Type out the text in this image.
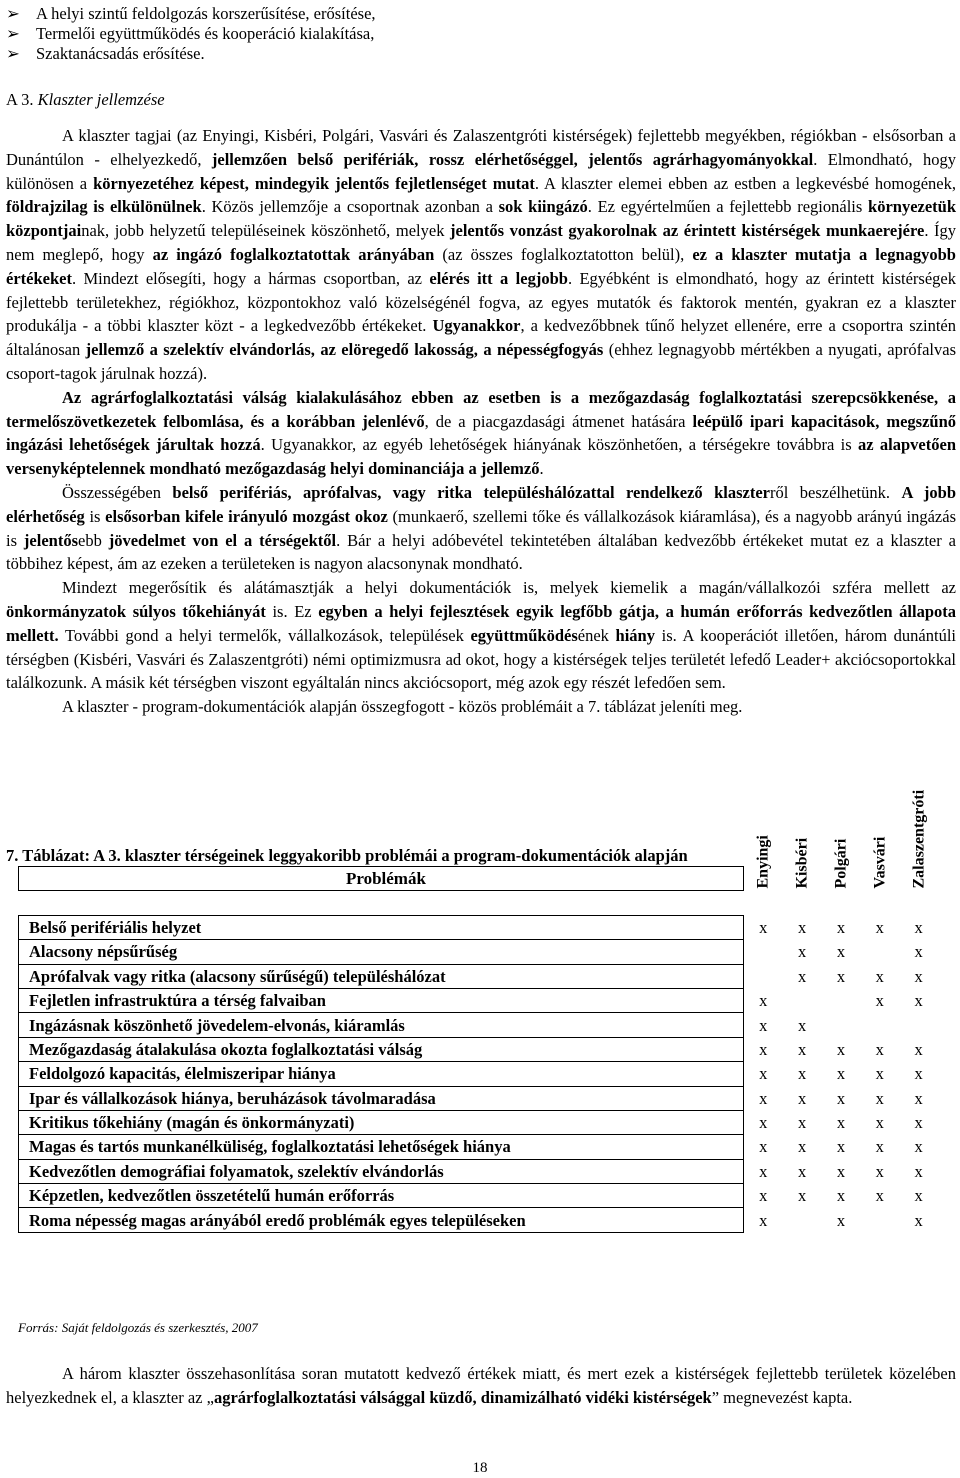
➢ A helyi szintű feldolgozás korszerűsítése, erősítése,
➢ Termelői együttműködés és kooperáció kialakítása,
➢ Szaktanácsadás erősítése.
A 3. Klaszter jellemzése

A klaszter tagjai (az Enyingi, Kisbéri, Polgári, Vasvári és Zalaszentgróti kistérségek) fejlettebb megyékben, régiókban - elsősorban a Dunántúlon - elhelyezkedő, jellemzően belső perifériák, rossz elérhetőséggel, jelentős agrárhagyományokkal. Elmondható, hogy különösen a környezetéhez képest, mindegyik jelentős fejletlenséget mutat. A klaszter elemei ebben az estben a legkevésbé homogének, földrajzilag is elkülönülnek. Közös jellemzője a csoportnak azonban a sok kiingázó. Ez egyértelműen a fejlettebb regionális környezetük központjainak, jobb helyzetű településeinek köszönhető, melyek jelentős vonzást gyakorolnak az érintett kistérségek munkaerejére. Így nem meglepő, hogy az ingázó foglalkoztatottak arányában (az összes foglalkoztatotton belül), ez a klaszter mutatja a legnagyobb értékeket. Mindezt elősegíti, hogy a hármas csoportban, az elérés itt a legjobb. Egyébként is elmondható, hogy az érintett kistérségek fejlettebb területekhez, régiókhoz, központokhoz való közelségénél fogva, az egyes mutatók és faktorok mentén, gyakran ez a klaszter produkálja - a többi klaszter közt - a legkedvezőbb értékeket. Ugyanakkor, a kedvezőbbnek tűnő helyzet ellenére, erre a csoportra szintén általánosan jellemző a szelektív elvándorlás, az elöregedő lakosság, a népességfogyás (ehhez legnagyobb mértékben a nyugati, aprófalvas csoport-tagok járulnak hozzá).

Az agrárfoglalkoztatási válság kialakulásához ebben az esetben is a mezőgazdaság foglalkoztatási szerepcsökkenése, a termelőszövetkezetek felbomlása, és a korábban jelenlévő, de a piacgazdasági átmenet hatására leépülő ipari kapacitások, megszűnő ingázási lehetőségek járultak hozzá. Ugyanakkor, az egyéb lehetőségek hiányának köszönhetően, a térségekre továbbra is az alapvetően versenyképtelennek mondható mezőgazdaság helyi dominanciája a jellemző.

Összességében belső perifériás, aprófalvas, vagy ritka településhálózattal rendelkező klaszterről beszélhetünk. A jobb elérhetőség is elsősorban kifele irányuló mozgást okoz (munkaerő, szellemi tőke és vállalkozások kiáramlása), és a nagyobb arányú ingázás is jelentősebb jövedelmet von el a térségektől. Bár a helyi adóbevétel tekintetében általában kedvezőbb értékeket mutat ez a klaszter a többihez képest, ám az ezeken a területeken is nagyon alacsonynak mondható.

Mindezt megerősítik és alátámasztják a helyi dokumentációk is, melyek kiemelik a magán/vállalkozói szféra mellett az önkormányzatok súlyos tőkehiányát is. Ez egyben a helyi fejlesztések egyik legfőbb gátja, a humán erőforrás kedvezőtlen állapota mellett. További gond a helyi termelők, vállalkozások, települések együttműködésének hiány is. A kooperációt illetően, három dunántúli térségben (Kisbéri, Vasvári és Zalaszentgróti) némi optimizmusra ad okot, hogy a kistérségek teljes területét lefedő Leader+ akciócsoportokkal találkozunk. A másik két térségben viszont egyáltalán nincs akciócsoport, még azok egy részét lefedően sem.

A klaszter - program-dokumentációk alapján összegfogott - közös problémáit a 7. táblázat jeleníti meg.

7. Táblázat: A 3. klaszter térségeinek leggyakoribb problémái a program-dokumentációk alapján
Problémák	Enyingi	Kisbéri	Polgári	Vasvári	Zalaszentgróti

Belső perifériális helyzet	x	x	x	x	x
Alacsony népsűrűség		x	x		x
Aprófalvak vagy ritka (alacsony sűrűségű) településhálózat		x	x	x	x
Fejletlen infrastruktúra a térség falvaiban	x			x	x
Ingázásnak köszönhető jövedelem-elvonás, kiáramlás	x	x			
Mezőgazdaság átalakulása okozta foglalkoztatási válság	x	x	x	x	x
Feldolgozó kapacitás, élelmiszeripar hiánya	x	x	x	x	x
Ipar és vállalkozások hiánya, beruházások távolmaradása	x	x	x	x	x
Kritikus tőkehiány (magán és önkormányzati)	x	x	x	x	x
Magas és tartós munkanélküliség, foglalkoztatási lehetőségek hiánya	x	x	x	x	x
Kedvezőtlen demográfiai folyamatok, szelektív elvándorlás	x	x	x	x	x
Képzetlen, kedvezőtlen összetételű humán erőforrás	x	x	x	x	x
Roma népesség magas arányából eredő problémák egyes településeken	x		x		x
Forrás: Saját feldolgozás és szerkesztés, 2007

A három klaszter összehasonlítása soran mutatott kedvező értékek miatt, és mert ezek a kistérségek fejlettebb területek közelében helyezkednek el, a klaszter az „agrárfoglalkoztatási válsággal küzdő, dinamizálható vidéki kistérségek” megnevezést kapta.

18
